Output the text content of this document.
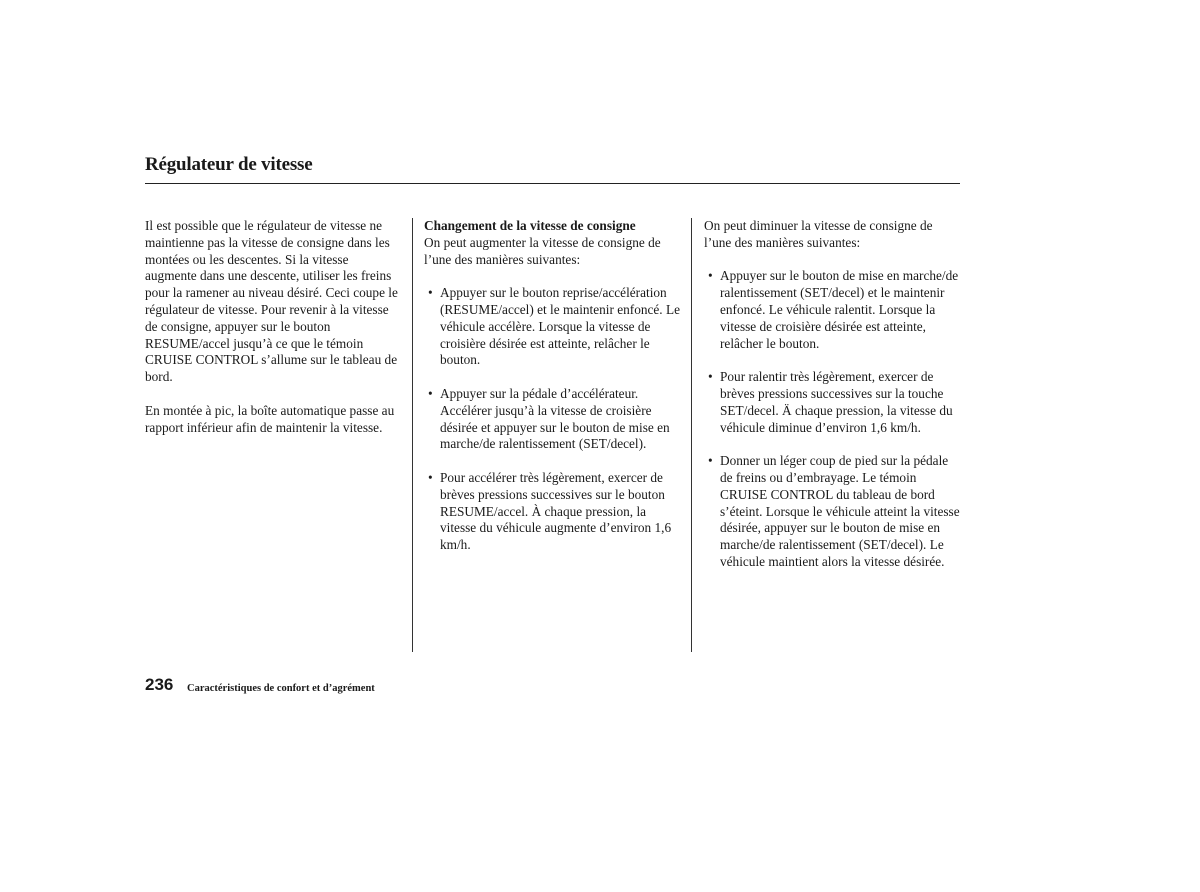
Régulateur de vitesse

Il est possible que le régulateur de vitesse ne maintienne pas la vitesse de consigne dans les montées ou les descentes. Si la vitesse augmente dans une descente, utiliser les freins pour la ramener au niveau désiré. Ceci coupe le régulateur de vitesse. Pour revenir à la vitesse de consigne, appuyer sur le bouton RESUME/accel jusqu’à ce que le témoin CRUISE CONTROL s’allume sur le tableau de bord.

En montée à pic, la boîte automatique passe au rapport inférieur afin de maintenir la vitesse.

Changement de la vitesse de consigne

On peut augmenter la vitesse de consigne de l’une des manières suivantes:

• Appuyer sur le bouton reprise/accélération (RESUME/accel) et le maintenir enfoncé. Le véhicule accélère. Lorsque la vitesse de croisière désirée est atteinte, relâcher le bouton.

• Appuyer sur la pédale d’accélérateur. Accélérer jusqu’à la vitesse de croisière désirée et appuyer sur le bouton de mise en marche/de ralentissement (SET/decel).

• Pour accélérer très légèrement, exercer de brèves pressions successives sur le bouton RESUME/accel. À chaque pression, la vitesse du véhicule augmente d’environ 1,6 km/h.

On peut diminuer la vitesse de consigne de l’une des manières suivantes:

• Appuyer sur le bouton de mise en marche/de ralentissement (SET/decel) et le maintenir enfoncé. Le véhicule ralentit. Lorsque la vitesse de croisière désirée est atteinte, relâcher le bouton.

• Pour ralentir très légèrement, exercer de brèves pressions successives sur la touche SET/decel. Ä chaque pression, la vitesse du véhicule diminue d’environ 1,6 km/h.

• Donner un léger coup de pied sur la pédale de freins ou d’embrayage. Le témoin CRUISE CONTROL du tableau de bord s’éteint. Lorsque le véhicule atteint la vitesse désirée, appuyer sur le bouton de mise en marche/de ralentissement (SET/decel). Le véhicule maintient alors la vitesse désirée.

236 Caractéristiques de confort et d’agrément
